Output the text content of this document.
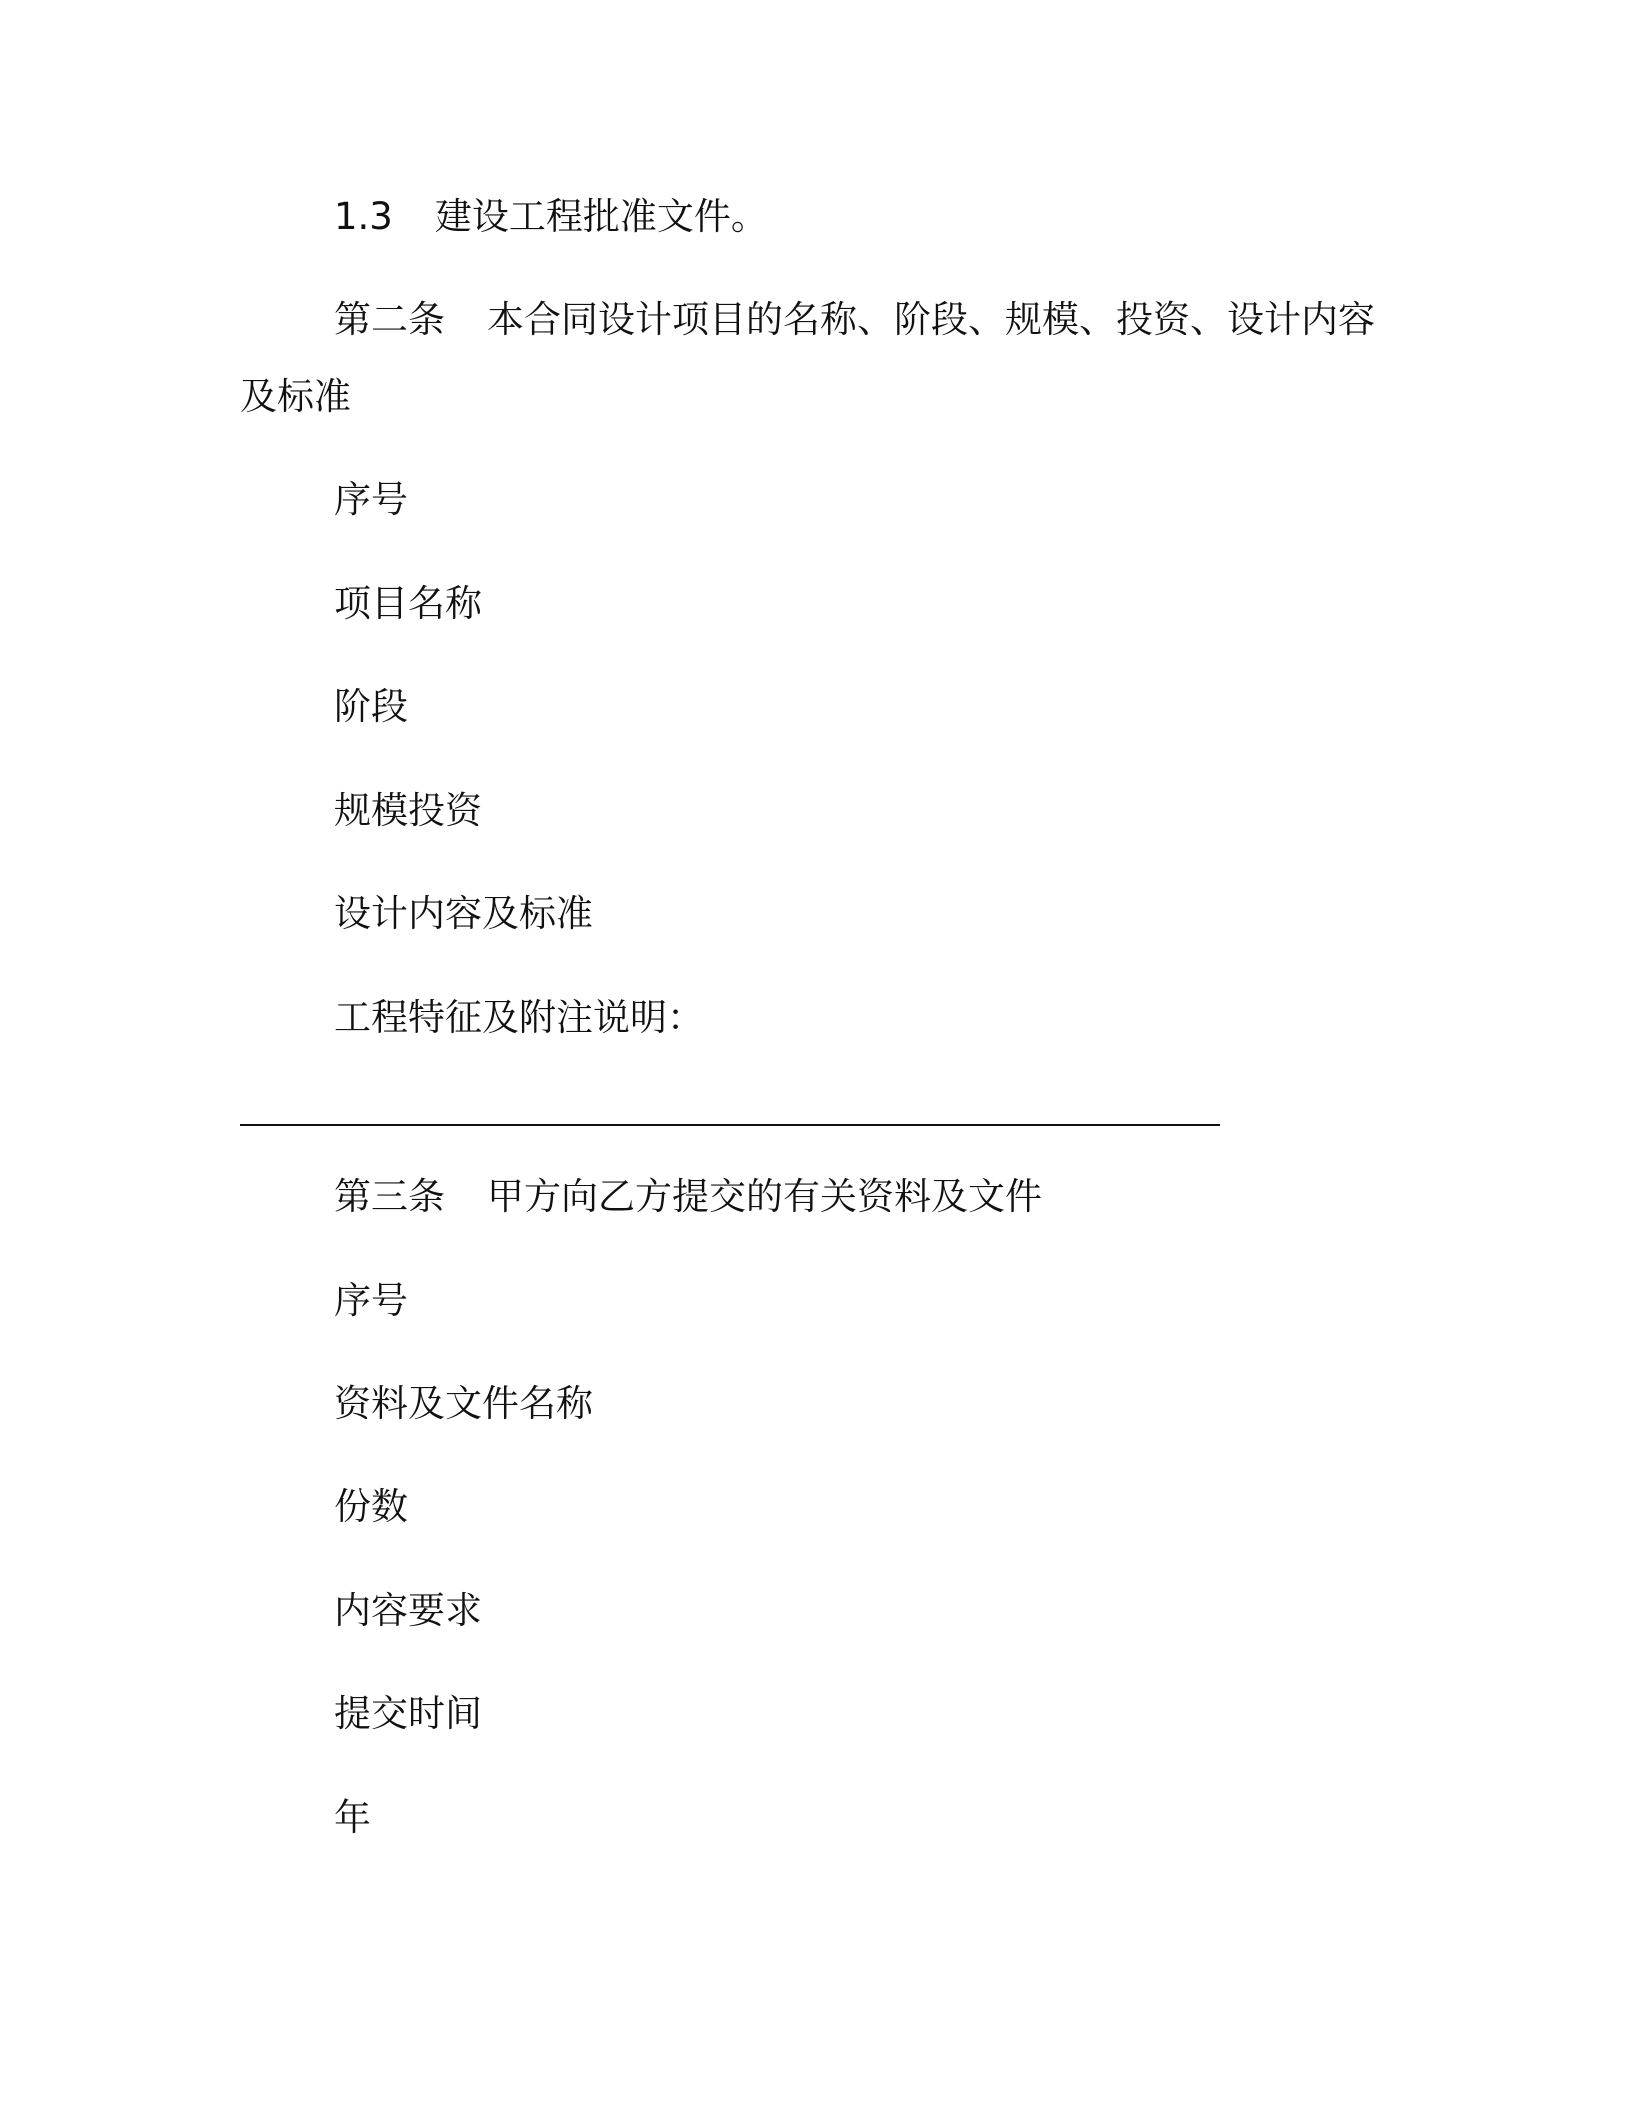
1.3 建设工程批准文件。

第二条 本合同设计项目的名称、阶段、规模、投资、设计内容

及标准

序号

项目名称

阶段

规模投资

设计内容及标准

工程特征及附注说明：

第三条 甲方向乙方提交的有关资料及文件

序号

资料及文件名称

份数

内容要求

提交时间

年
